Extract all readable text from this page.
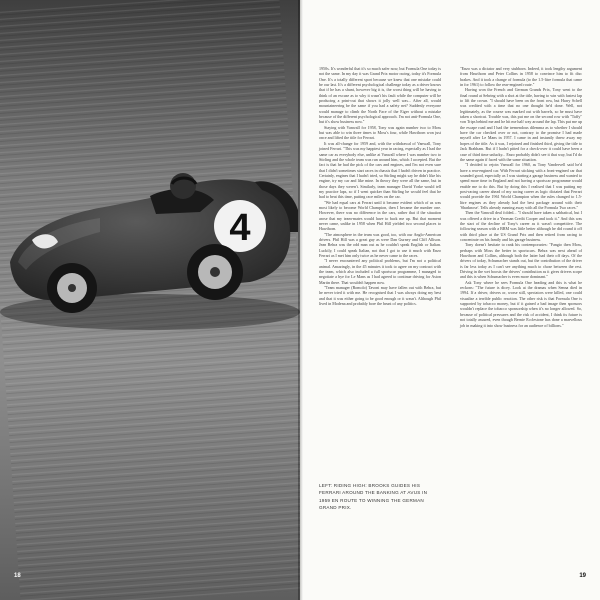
4
18

1950s. It's wonderful that it's so much safer now, but Formula One today is not the same. In my day it was Grand Prix motor racing, today it's Formula One. It's a totally different sport because we knew that one mistake could be our last. It's a different psychological challenge today as a driver knows that if he has a shunt, however big it is, the worst thing will be having to think of an excuse as to why it wasn't his fault while the computer will be producing a print-out that shows it jolly well was... After all, would mountaineering be the same if you had a safety net? Suddenly everyone would manage to climb the North Face of the Eiger without a mistake because of the different psychological approach. I'm not anti-Formula One, but it's show business now."

Staying with Vanwall for 1958, Tony was again number two to Moss but was able to win three times to Moss's four, while Hawthorn won just once and lifted the title for Ferrari.

It was all-change for 1959 and, with the withdrawal of Vanwall, Tony joined Ferrari. "This was my happiest year in racing, especially as I had the same car as everybody else, unlike at Vanwall where I was number two to Stirling and the whole team was run around him, which I accepted. But the fact is that he had the pick of the cars and engines, and I'm not even sure that I didn't sometimes start races in chassis that I hadn't driven in practice. Certainly, engines that I hadn't tried, so Stirling might say he didn't like his engine, try my car and like mine. In theory they were all the same, but in those days they weren't. Similarly, team manager David Yorke would tell my practice laps, so if I went quicker than Stirling he would feel that he had to beat this time, putting race miles on the car.

"We had equal cars at Ferrari until it became evident which of us was most likely to become World Champion, then I became the number one. However, there was no difference in the cars, rather that if the situation arose that my team-mates would have to back me up. But that moment never came, unlike in 1958 when Phil Hill yielded two second places to Hawthorn.

"The atmosphere in the team was good, too, with our Anglo-American drivers. Phil Hill was a great guy as were Dan Gurney and Cliff Allison. Jean Behra was the odd man out as he couldn't speak English or Italian. Luckily, I could speak Italian, not that I got to use it much with Enzo Ferrari as I met him only twice as he never came to the races.

"I never encountered any political problems, but I'm not a political animal. Amazingly, in the 45 minutes it took to agree on my contract with the team, which also included a full sportscar programme, I managed to negotiate a bye for Le Mans as I had agreed to continue driving for Aston Martin there. That wouldn't happen now.

"Team manager (Romolo) Tavoni may have fallen out with Behra, but he never tried it with me. He recognised that I was always doing my best and that it was either going to be good enough or it wasn't. Although Phil lived in Modena and probably bore the brunt of any politics.

LEFT: RIDING HIGH: BROOKS GUIDES HIS FERRARI AROUND THE BANKING AT AVUS IN 1959 EN ROUTE TO WINNING THE GERMAN GRAND PRIX.

"Enzo was a dictator and very stubborn. Indeed, it took lengthy argument from Hawthorn and Peter Collins in 1958 to convince him to fit disc brakes. And it took a change of formula (to the 1.5-litre formula that came in for 1961) to follow the rear-engined route."

Having won the French and German Grands Prix, Tony went to the final round at Sebring with a shot at the title, having to win with fastest lap to lift the crown. "I should have been on the front row, but Harry Schell was credited with a time that no one thought he'd done. Well, not legitimately, as the course was marked out with barrels, so he must have taken a shortcut. Trouble was, this put me on the second row with "Taffy" von Trips behind me and he hit me half way around the lap. This put me up the escape road and I had the tremendous dilemma as to whether I should have the car checked over or not, contrary to the promise I had made myself after Le Mans in 1957. I came in and instantly threw away my hopes of the title. As it was, I rejoined and finished third, giving the title to Jack Brabham. But if I hadn't pitted for a check-over it could have been a case of third time unlucky... Enzo probably didn't see it that way, but I'd do the same again if faced with the same situation.

"I decided to rejoin Vanwall for 1960, as Tony Vandervell said he'd have a rear-engined car. With Ferrari sticking with a front-engined car that sounded good, especially as I was starting a garage business and wanted to spend more time in England and not having a sportscar programme would enable me to do this. But by doing this I realised that I was putting my post-racing career ahead of my racing career as logic dictated that Ferrari would provide the 1961 World Champion when the rules changed to 1.5-litre engines as they already had the best package around with their 'Sharknose'. Tells already running away with all the Formula Two races."

Then the Vanwall deal folded... "I should have taken a sabbatical, but I was offered a drive in a Yeoman Credit Cooper and took it." And this was the start of the decline of Tony's career as it wasn't competitive. The following season with a BRM was little better although he did round it off with third place at the US Grand Prix and then retired from racing to concentrate on his family and his garage business.

Tony doesn't hesitate to rank his contemporaries: "Fangio then Moss, perhaps with Moss the better in sportscars. Behra was next ahead of Hawthorn and Collins, although both the latter had their off days. Of the drivers of today, Schumacher stands out, but the contribution of the driver is far less today as I can't see anything much to chose between the rest. Driving in the wet boosts the drivers' contribution as it gives drivers scope and this is when Schumacher is even more dominant."

Ask Tony where he sees Formula One heading and this is what he reckons: "The future is dicey. Look at the dramas when Senna died in 1994. If a driver, drivers or, worse still, spectators were killed, one could visualise a terrible public reaction. The other risk is that Formula One is supported by tobacco money, but if it gained a bad image then sponsors wouldn't replace the tobacco sponsorship when it's no longer allowed. So, because of political pressures and the risk of accident, I think its future is not totally assured, even though Bernie Ecclestone has done a marvellous job in making it into show business for an audience of billions."

19
